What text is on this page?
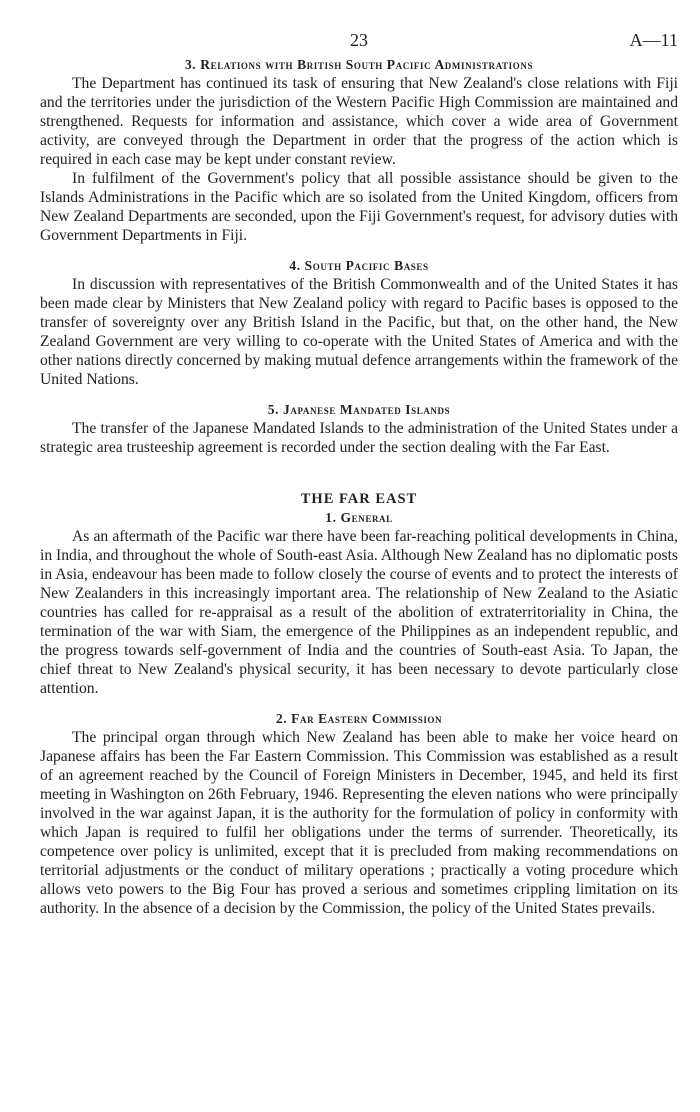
23	A—11
3. Relations with British South Pacific Administrations

The Department has continued its task of ensuring that New Zealand's close relations with Fiji and the territories under the jurisdiction of the Western Pacific High Commission are maintained and strengthened. Requests for information and assistance, which cover a wide area of Government activity, are conveyed through the Department in order that the progress of the action which is required in each case may be kept under constant review.

In fulfilment of the Government's policy that all possible assistance should be given to the Islands Administrations in the Pacific which are so isolated from the United Kingdom, officers from New Zealand Departments are seconded, upon the Fiji Government's request, for advisory duties with Government Departments in Fiji.

4. South Pacific Bases

In discussion with representatives of the British Commonwealth and of the United States it has been made clear by Ministers that New Zealand policy with regard to Pacific bases is opposed to the transfer of sovereignty over any British Island in the Pacific, but that, on the other hand, the New Zealand Government are very willing to co-operate with the United States of America and with the other nations directly concerned by making mutual defence arrangements within the framework of the United Nations.

5. Japanese Mandated Islands

The transfer of the Japanese Mandated Islands to the administration of the United States under a strategic area trusteeship agreement is recorded under the section dealing with the Far East.

THE FAR EAST
1. General

As an aftermath of the Pacific war there have been far-reaching political developments in China, in India, and throughout the whole of South-east Asia. Although New Zealand has no diplomatic posts in Asia, endeavour has been made to follow closely the course of events and to protect the interests of New Zealanders in this increasingly important area. The relationship of New Zealand to the Asiatic countries has called for re-appraisal as a result of the abolition of extraterritoriality in China, the termination of the war with Siam, the emergence of the Philippines as an independent republic, and the progress towards self-government of India and the countries of South-east Asia. To Japan, the chief threat to New Zealand's physical security, it has been necessary to devote particularly close attention.

2. Far Eastern Commission

The principal organ through which New Zealand has been able to make her voice heard on Japanese affairs has been the Far Eastern Commission. This Commission was established as a result of an agreement reached by the Council of Foreign Ministers in December, 1945, and held its first meeting in Washington on 26th February, 1946. Representing the eleven nations who were principally involved in the war against Japan, it is the authority for the formulation of policy in conformity with which Japan is required to fulfil her obligations under the terms of surrender. Theoretically, its competence over policy is unlimited, except that it is precluded from making recommendations on territorial adjustments or the conduct of military operations ; practically a voting procedure which allows veto powers to the Big Four has proved a serious and sometimes crippling limitation on its authority. In the absence of a decision by the Commission, the policy of the United States prevails.
